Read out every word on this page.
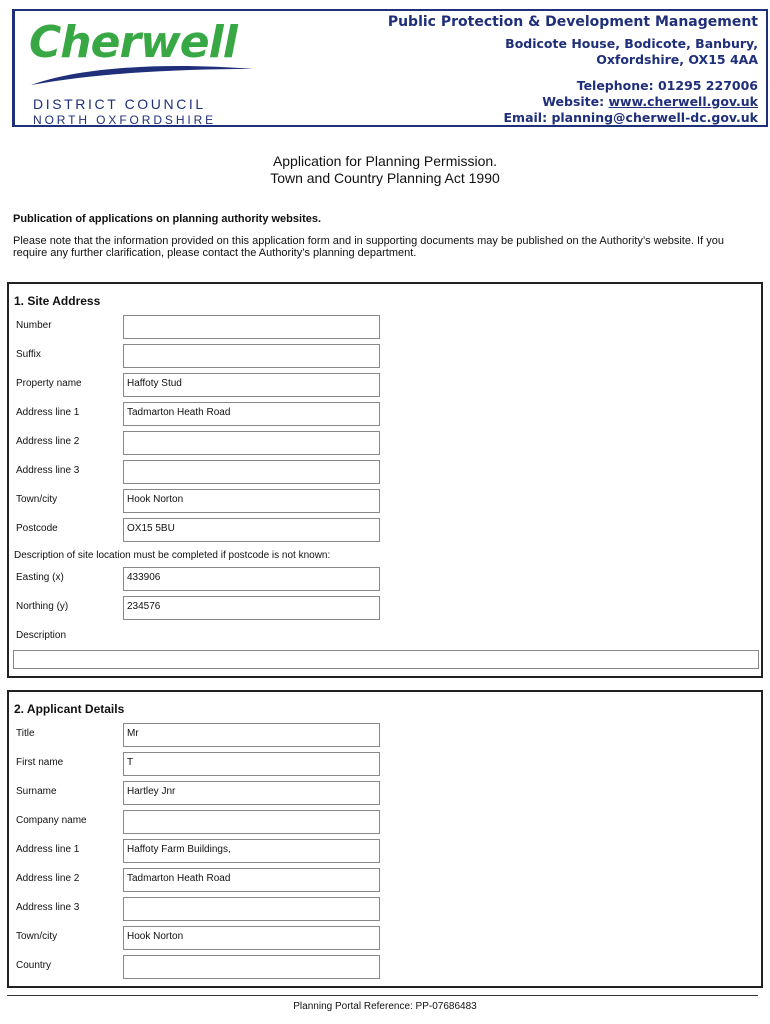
Cherwell
DISTRICT COUNCIL
NORTH OXFORDSHIRE
Public Protection & Development Management
Bodicote House, Bodicote, Banbury,
Oxfordshire, OX15 4AA
Telephone: 01295 227006
Website: www.cherwell.gov.uk
Email: planning@cherwell-dc.gov.uk
Application for Planning Permission.
Town and Country Planning Act 1990
Publication of applications on planning authority websites.
Please note that the information provided on this application form and in supporting documents may be published on the Authority’s website. If you require any further clarification, please contact the Authority’s planning department.
1. Site Address
Number
Suffix
Property name	Haffoty Stud
Address line 1	Tadmarton Heath Road
Address line 2
Address line 3
Town/city	Hook Norton
Postcode	OX15 5BU
Description of site location must be completed if postcode is not known:
Easting (x)	433906
Northing (y)	234576
Description
2. Applicant Details
Title	Mr
First name	T
Surname	Hartley Jnr
Company name
Address line 1	Haffoty Farm Buildings,
Address line 2	Tadmarton Heath Road
Address line 3
Town/city	Hook Norton
Country
Planning Portal Reference: PP-07686483
